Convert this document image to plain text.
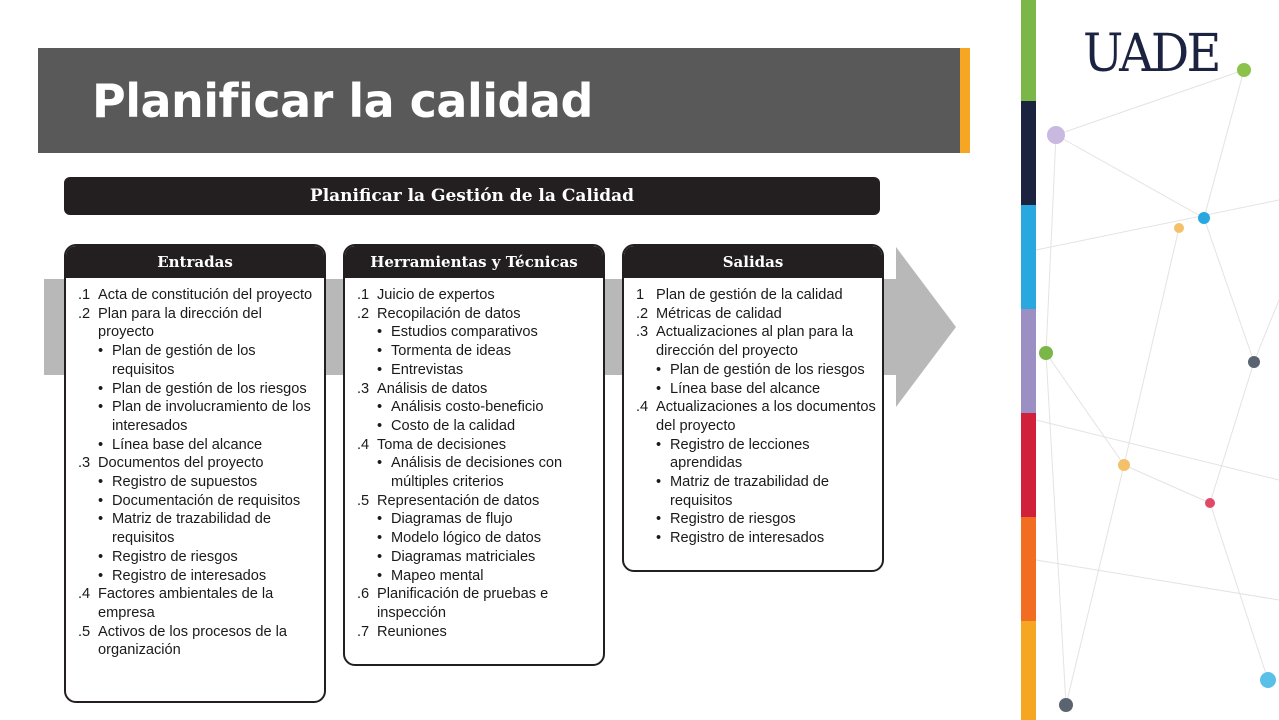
Planificar la calidad
Planificar la Gestión de la Calidad
Entradas
.1 Acta de constitución del proyecto
.2 Plan para la dirección del proyecto
• Plan de gestión de los requisitos
• Plan de gestión de los riesgos
• Plan de involucramiento de los interesados
• Línea base del alcance
.3 Documentos del proyecto
• Registro de supuestos
• Documentación de requisitos
• Matriz de trazabilidad de requisitos
• Registro de riesgos
• Registro de interesados
.4 Factores ambientales de la empresa
.5 Activos de los procesos de la organización
Herramientas y Técnicas
.1 Juicio de expertos
.2 Recopilación de datos
• Estudios comparativos
• Tormenta de ideas
• Entrevistas
.3 Análisis de datos
• Análisis costo-beneficio
• Costo de la calidad
.4 Toma de decisiones
• Análisis de decisiones con múltiples criterios
.5 Representación de datos
• Diagramas de flujo
• Modelo lógico de datos
• Diagramas matriciales
• Mapeo mental
.6 Planificación de pruebas e inspección
.7 Reuniones
Salidas
1 Plan de gestión de la calidad
.2 Métricas de calidad
.3 Actualizaciones al plan para la dirección del proyecto
• Plan de gestión de los riesgos
• Línea base del alcance
.4 Actualizaciones a los documentos del proyecto
• Registro de lecciones aprendidas
• Matriz de trazabilidad de requisitos
• Registro de riesgos
• Registro de interesados
UADE
